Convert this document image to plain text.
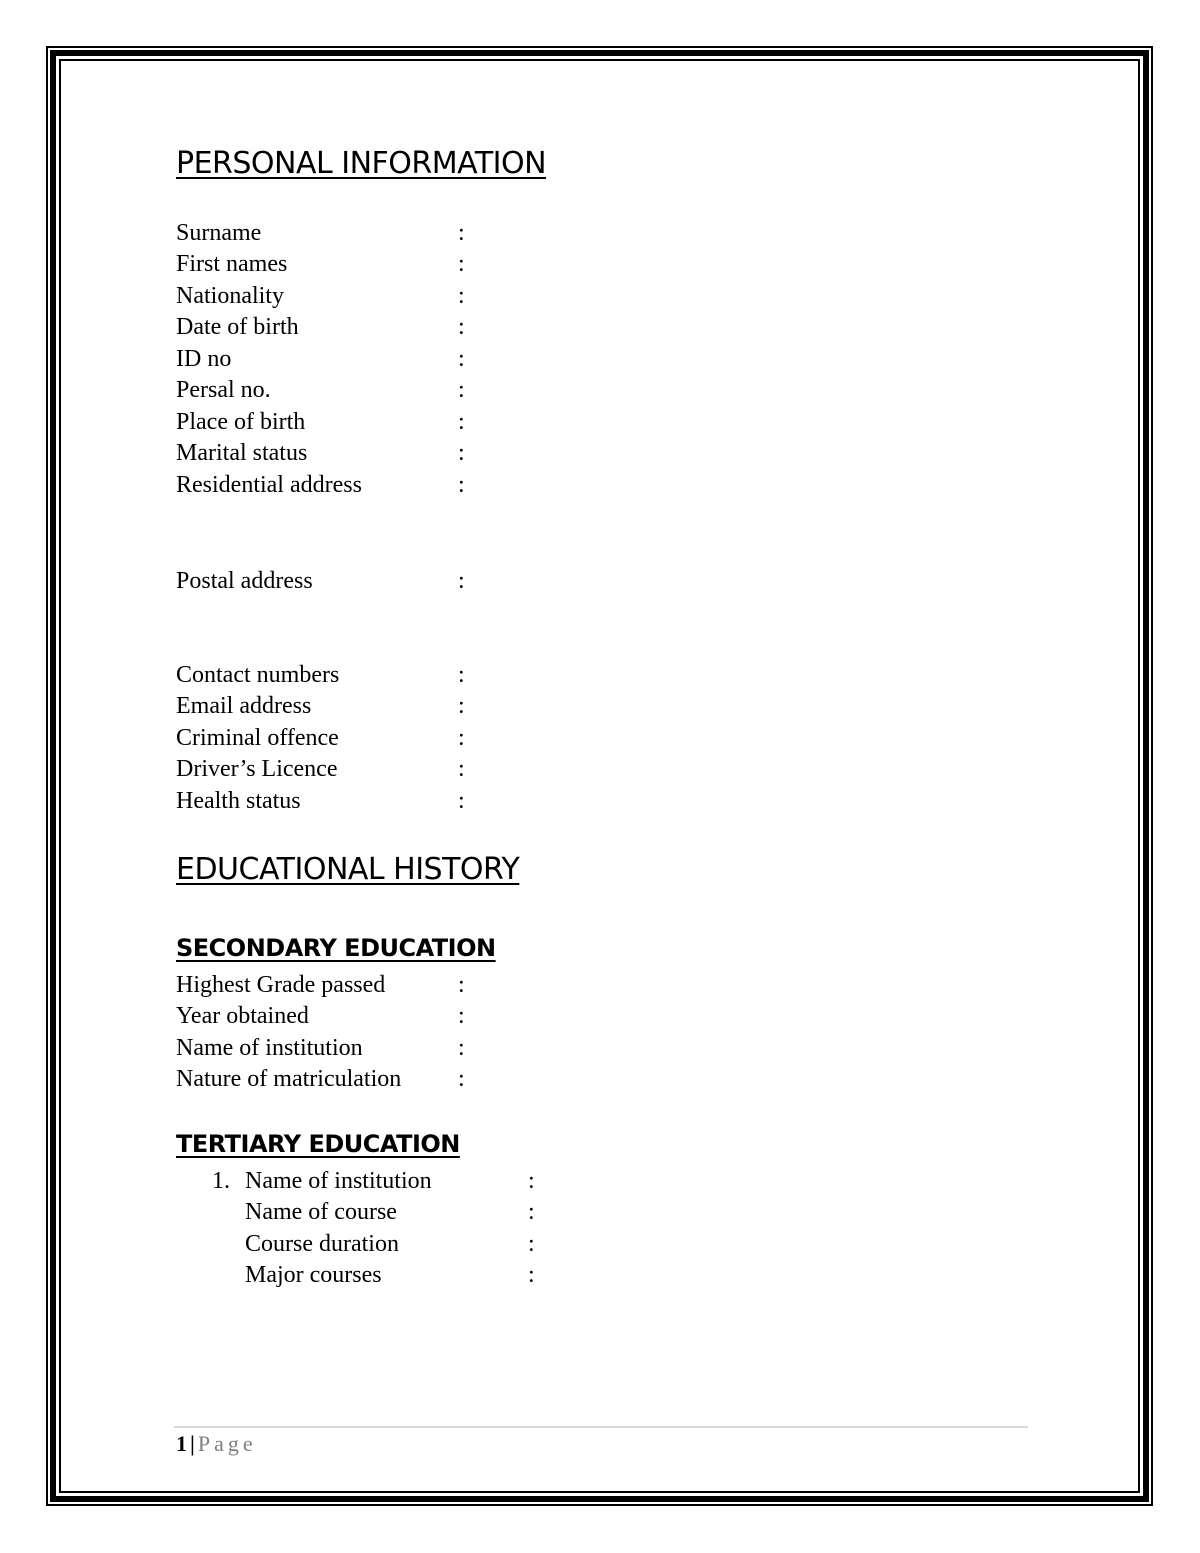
PERSONAL INFORMATION
Surname	:
First names	:
Nationality	:
Date of birth	:
ID no	:
Persal no.	:
Place of birth	:
Marital status	:
Residential address	:
Postal address	:
Contact numbers	:
Email address	:
Criminal offence	:
Driver’s Licence	:
Health status	:
EDUCATIONAL HISTORY
SECONDARY EDUCATION
Highest Grade passed	:
Year obtained	:
Name of institution	:
Nature of matriculation :
TERTIARY EDUCATION
1. Name of institution	:
Name of course	:
Course duration	:
Major courses	:
1 | Page
